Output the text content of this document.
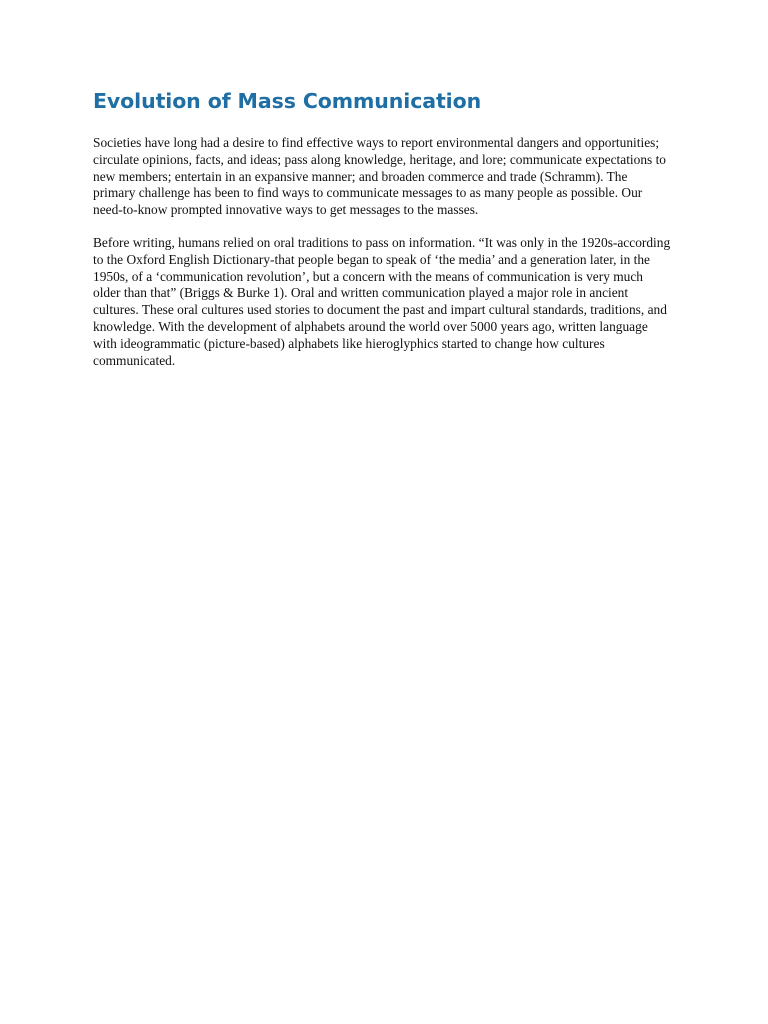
Evolution of Mass Communication

Societies have long had a desire to find effective ways to report environmental dangers and opportunities; circulate opinions, facts, and ideas; pass along knowledge, heritage, and lore; communicate expectations to new members; entertain in an expansive manner; and broaden commerce and trade (Schramm). The primary challenge has been to find ways to communicate messages to as many people as possible. Our need-to-know prompted innovative ways to get messages to the masses.

Before writing, humans relied on oral traditions to pass on information. “It was only in the 1920s-according to the Oxford English Dictionary-that people began to speak of ‘the media’ and a generation later, in the 1950s, of a ‘communication revolution’, but a concern with the means of communication is very much older than that” (Briggs & Burke 1). Oral and written communication played a major role in ancient cultures. These oral cultures used stories to document the past and impart cultural standards, traditions, and knowledge. With the development of alphabets around the world over 5000 years ago, written language with ideogrammatic (picture-based) alphabets like hieroglyphics started to change how cultures communicated.
